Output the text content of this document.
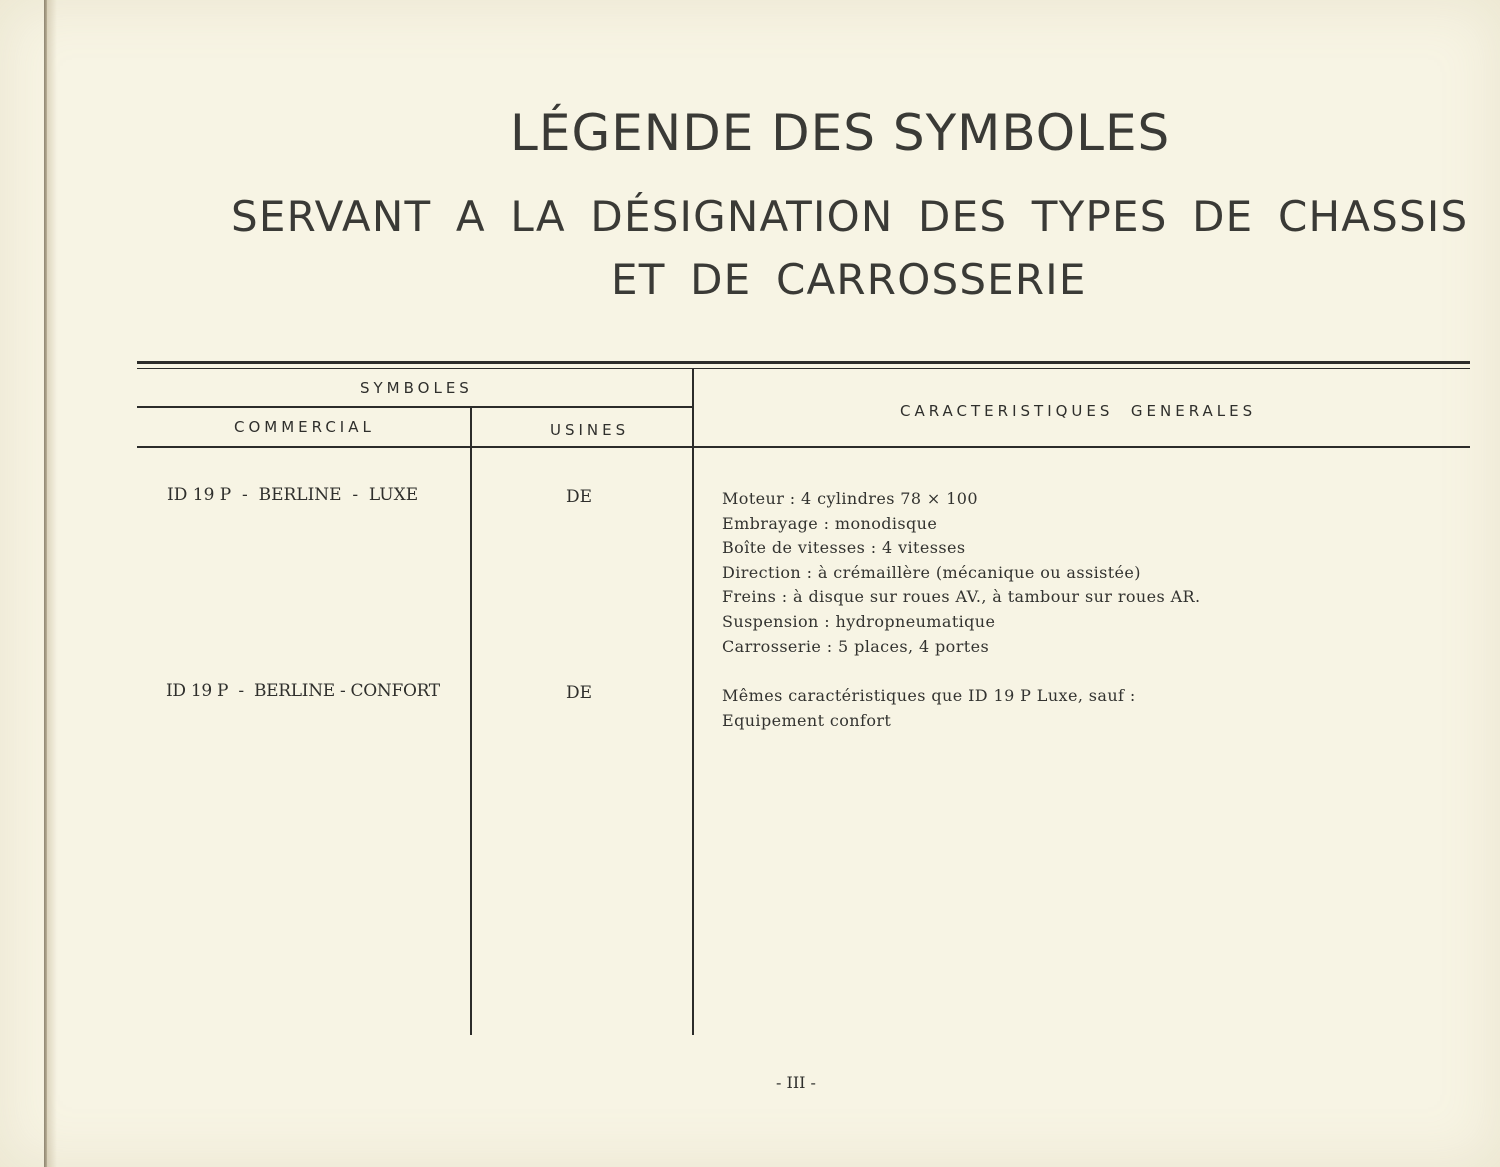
LÉGENDE DES SYMBOLES
SERVANT A LA DÉSIGNATION DES TYPES DE CHASSIS
ET DE CARROSSERIE
SYMBOLES
COMMERCIAL	USINES
CARACTERISTIQUES  GENERALES
ID 19 P  -  BERLINE  -  LUXE	DE	Moteur : 4 cylindres 78 × 100
Embrayage : monodisque
Boîte de vitesses : 4 vitesses
Direction : à crémaillère (mécanique ou assistée)
Freins : à disque sur roues AV., à tambour sur roues AR.
Suspension : hydropneumatique
Carrosserie : 5 places, 4 portes
ID 19 P  -  BERLINE - CONFORT	DE	Mêmes caractéristiques que ID 19 P Luxe, sauf :
Equipement confort
- III -
